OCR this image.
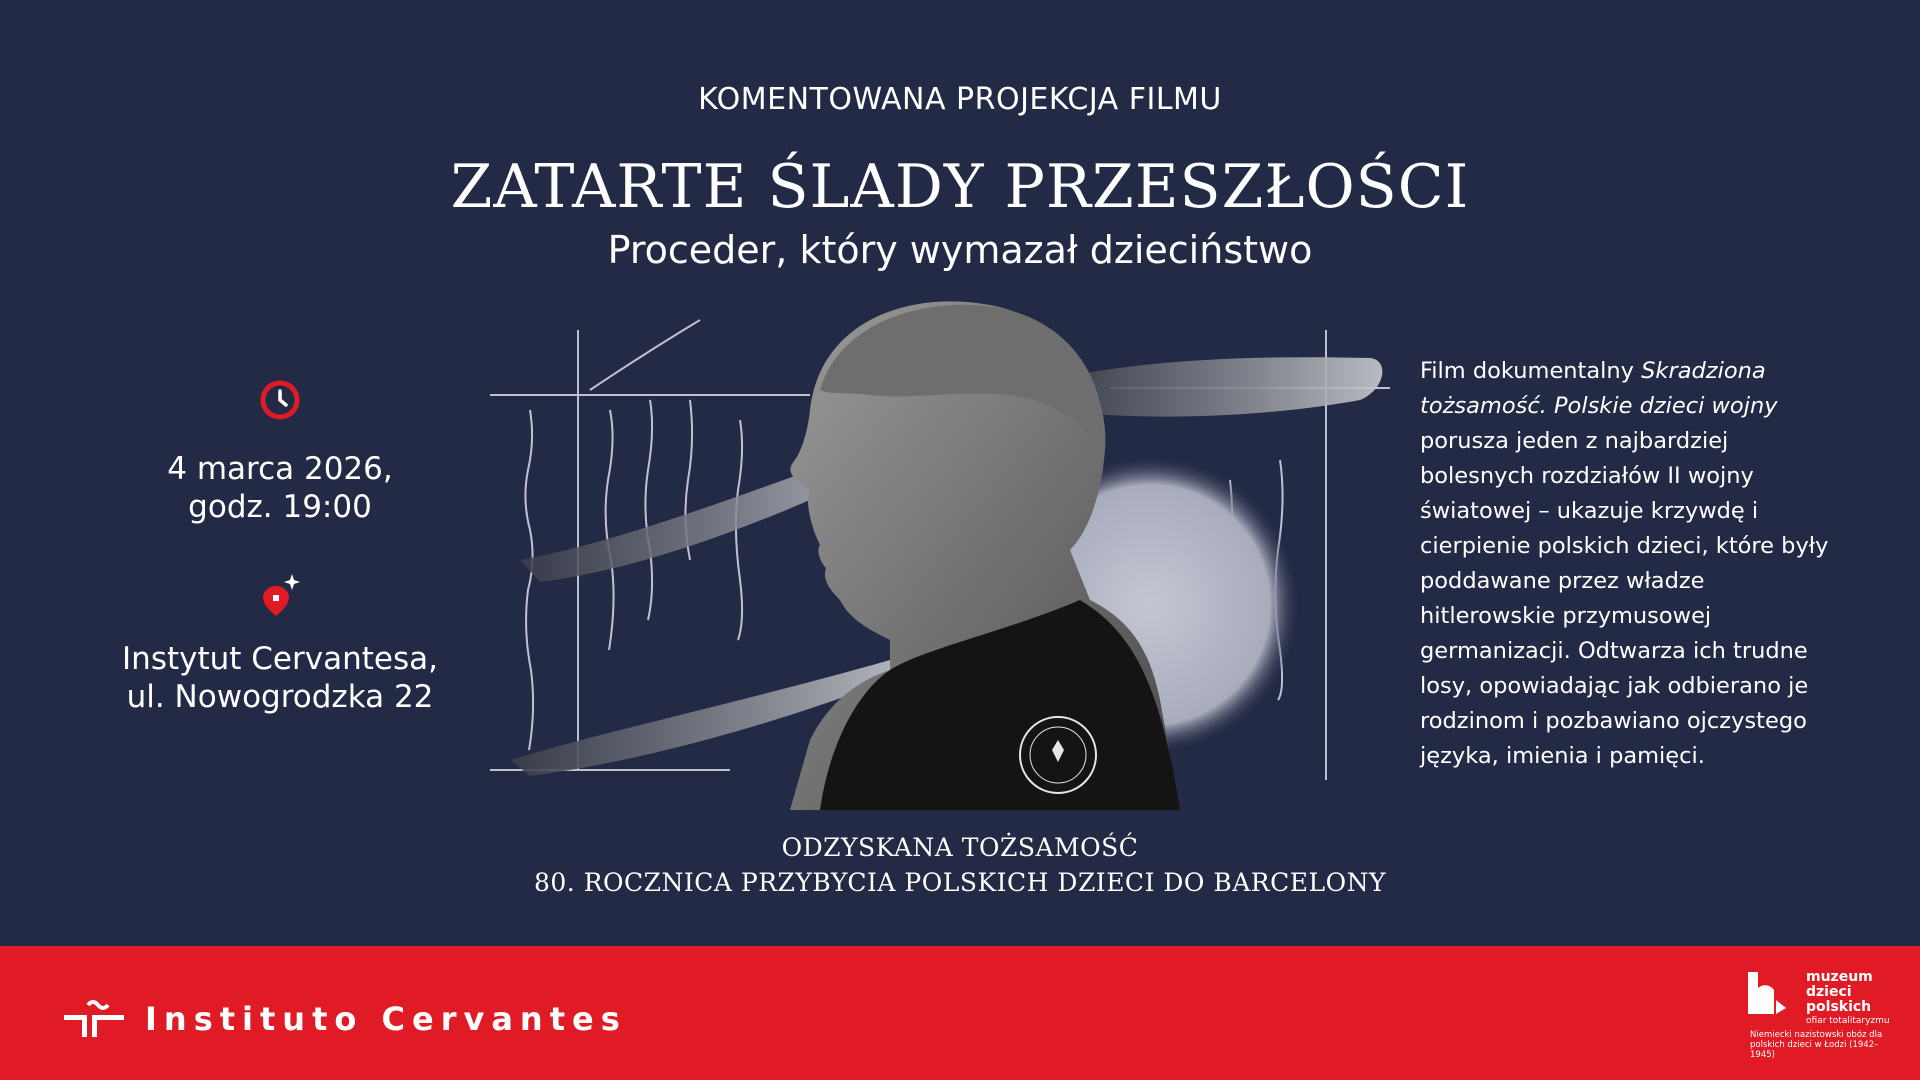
KOMENTOWANA PROJEKCJA FILMU
ZATARTE ŚLADY PRZESZŁOŚCI
Proceder, który wymazał dzieciństwo
4 marca 2026,
godz. 19:00
Instytut Cervantesa,
ul. Nowogrodzka 22

Film dokumentalny Skradziona tożsamość. Polskie dzieci wojny porusza jeden z najbardziej bolesnych rozdziałów II wojny światowej – ukazuje krzywdę i cierpienie polskich dzieci, które były poddawane przez władze hitlerowskie przymusowej germanizacji. Odtwarza ich trudne losy, opowiadając jak odbierano je rodzinom i pozbawiano ojczystego języka, imienia i pamięci.

ODZYSKANA TOŻSAMOŚĆ
80. ROCZNICA PRZYBYCIA POLSKICH DZIECI DO BARCELONY
Instituto Cervantes
muzeum
dzieci
polskich
ofiar totalitaryzmu
Niemiecki nazistowski obóz dla polskich dzieci w Łodzi (1942–1945)
